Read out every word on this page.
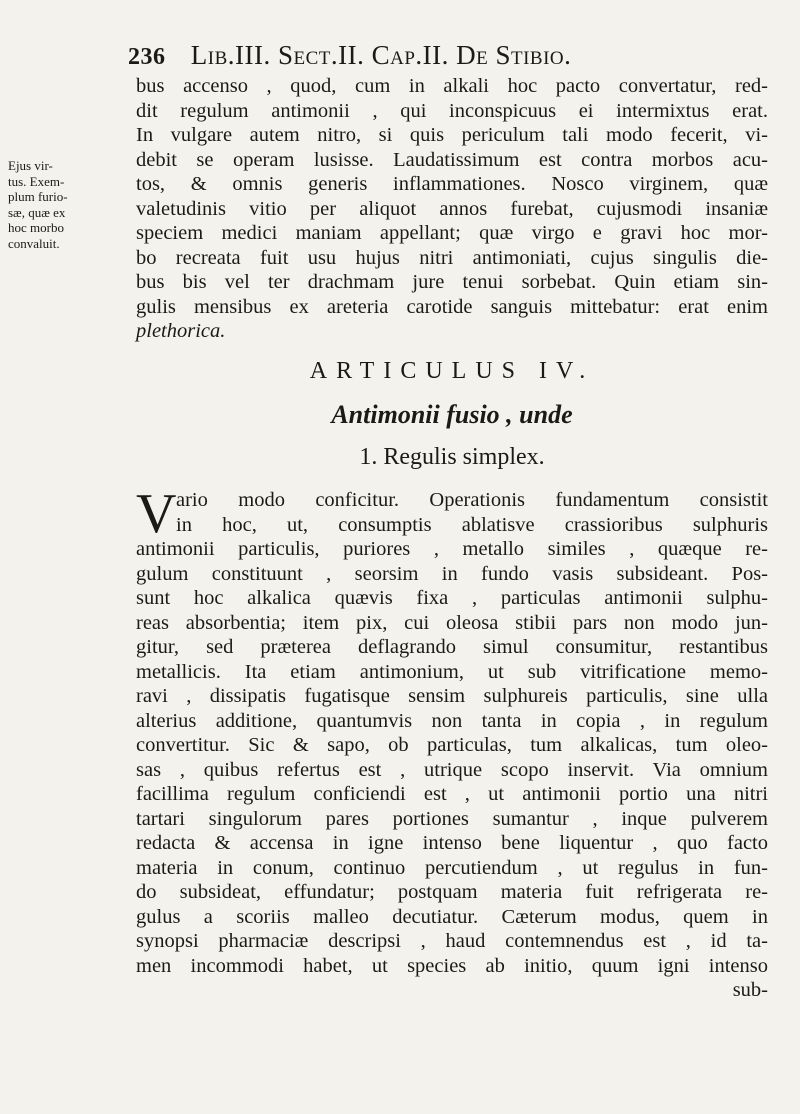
236 Lib.III. Sect.II. Cap.II. De Stibio.
Ejus vir-
tus. Exem-
plum furio-
sæ, quæ ex
hoc morbo
convaluit.
bus accenso , quod, cum in alkali hoc pacto convertatur, red-
dit regulum antimonii , qui inconspicuus ei intermixtus erat.
In vulgare autem nitro, si quis periculum tali modo fecerit, vi-
debit se operam lusisse. Laudatissimum est contra morbos acu-
tos, & omnis generis inflammationes. Nosco virginem, quæ
valetudinis vitio per aliquot annos furebat, cujusmodi insaniæ
speciem medici maniam appellant; quæ virgo e gravi hoc mor-
bo recreata fuit usu hujus nitri antimoniati, cujus singulis die-
bus bis vel ter drachmam jure tenui sorbebat. Quin etiam sin-
gulis mensibus ex areteria carotide sanguis mittebatur: erat enim
plethorica.
ARTICULUS IV.
Antimonii fusio , unde
1. Regulis simplex.
V ario modo conficitur. Operationis fundamentum consistit
in hoc, ut, consumptis ablatisve crassioribus sulphuris
antimonii particulis, puriores , metallo similes , quæque re-
gulum constituunt , seorsim in fundo vasis subsideant. Pos-
sunt hoc alkalica quævis fixa , particulas antimonii sulphu-
reas absorbentia; item pix, cui oleosa stibii pars non modo jun-
gitur, sed præterea deflagrando simul consumitur, restantibus
metallicis. Ita etiam antimonium, ut sub vitrificatione memo-
ravi , dissipatis fugatisque sensim sulphureis particulis, sine ulla
alterius additione, quantumvis non tanta in copia , in regulum
convertitur. Sic & sapo, ob particulas, tum alkalicas, tum oleo-
sas , quibus refertus est , utrique scopo inservit. Via omnium
facillima regulum conficiendi est , ut antimonii portio una nitri
tartari singulorum pares portiones sumantur , inque pulverem
redacta & accensa in igne intenso bene liquentur , quo facto
materia in conum, continuo percutiendum , ut regulus in fun-
do subsideat, effundatur; postquam materia fuit refrigerata re-
gulus a scoriis malleo decutiatur. Cæterum modus, quem in
synopsi pharmaciæ descripsi , haud contemnendus est , id ta-
men incommodi habet, ut species ab initio, quum igni intenso
sub-
